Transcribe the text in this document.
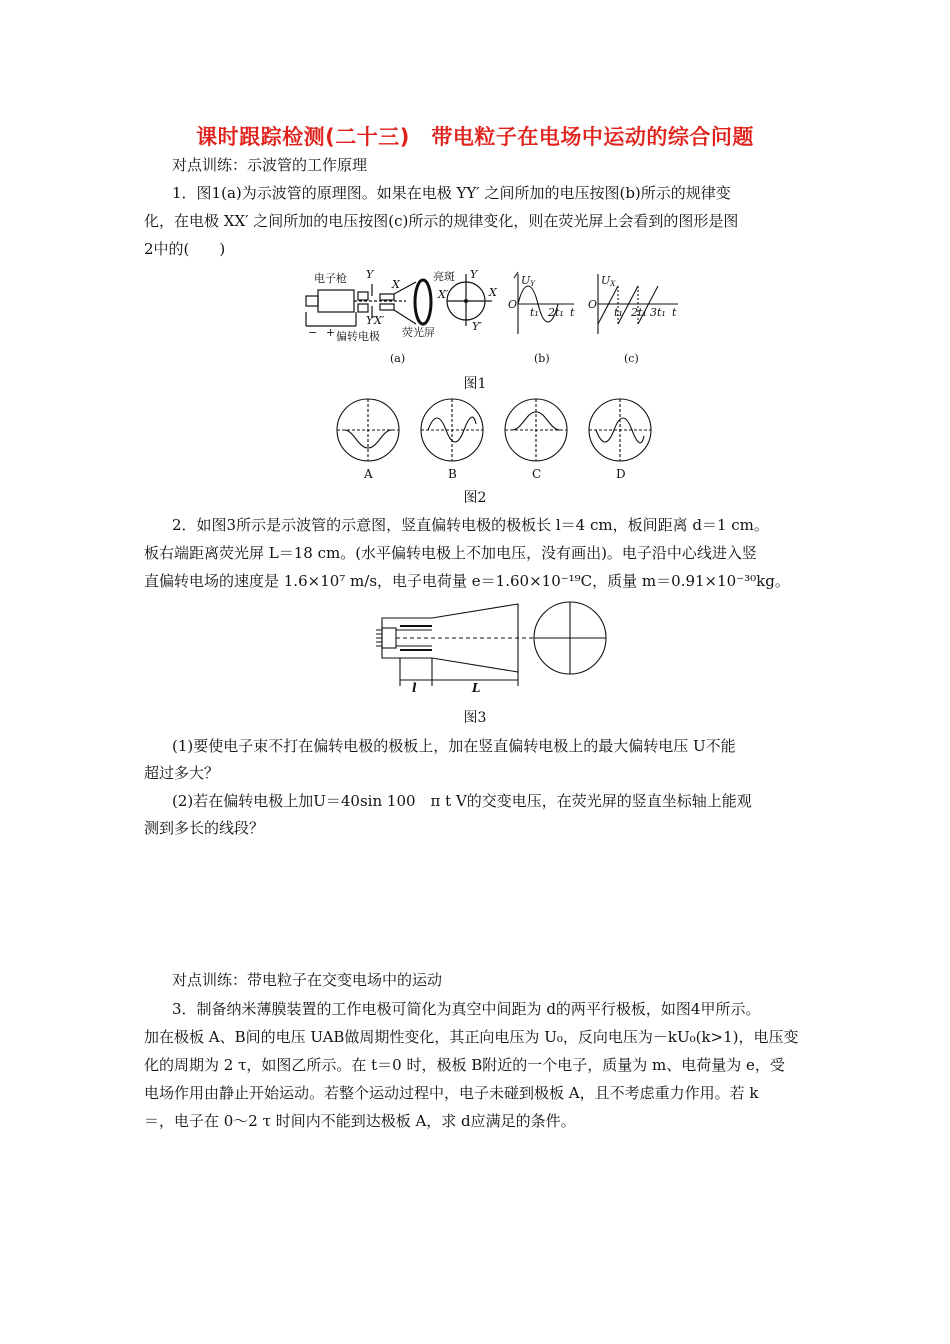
课时跟踪检测(二十三)　带电粒子在电场中运动的综合问题
对点训练：示波管的工作原理
1．图1(a)为示波管的原理图。如果在电极 YY′ 之间所加的电压按图(b)所示的规律变
化，在电极 XX′ 之间所加的电压按图(c)所示的规律变化，则在荧光屏上会看到的图形是图
2中的(　　)
电子枪
偏转电极 荧光屏
亮斑
Y
Y′
X
X′
Y
Y′
X
X′
− +
(a)
UY
O
t₁ 2t₁ t
(b)
UX
O
t₁ 2t₁ 3t₁ t
(c)
图1
A	B	C	D
图2
2．如图3所示是示波管的示意图，竖直偏转电极的极板长 l＝4 cm，板间距离 d＝1 cm。
板右端距离荧光屏 L＝18 cm。(水平偏转电极上不加电压，没有画出)。电子沿中心线进入竖
直偏转电场的速度是 1.6×10⁷ m/s，电子电荷量 e＝1.60×10⁻¹⁹C，质量 m＝0.91×10⁻³⁰kg。
l	L
图3
(1)要使电子束不打在偏转电极的极板上，加在竖直偏转电极上的最大偏转电压 U不能
超过多大？
(2)若在偏转电极上加U＝40sin 100　π t V的交变电压，在荧光屏的竖直坐标轴上能观
测到多长的线段？
对点训练：带电粒子在交变电场中的运动
3．制备纳米薄膜装置的工作电极可简化为真空中间距为 d的两平行极板，如图4甲所示。
加在极板 A、B间的电压 UAB做周期性变化，其正向电压为 U₀，反向电压为－kU₀(k>1)，电压变
化的周期为 2 τ，如图乙所示。在 t＝0 时，极板 B附近的一个电子，质量为 m、电荷量为 e，受
电场作用由静止开始运动。若整个运动过程中，电子未碰到极板 A，且不考虑重力作用。若 k
＝，电子在 0～2 τ 时间内不能到达极板 A，求 d应满足的条件。
